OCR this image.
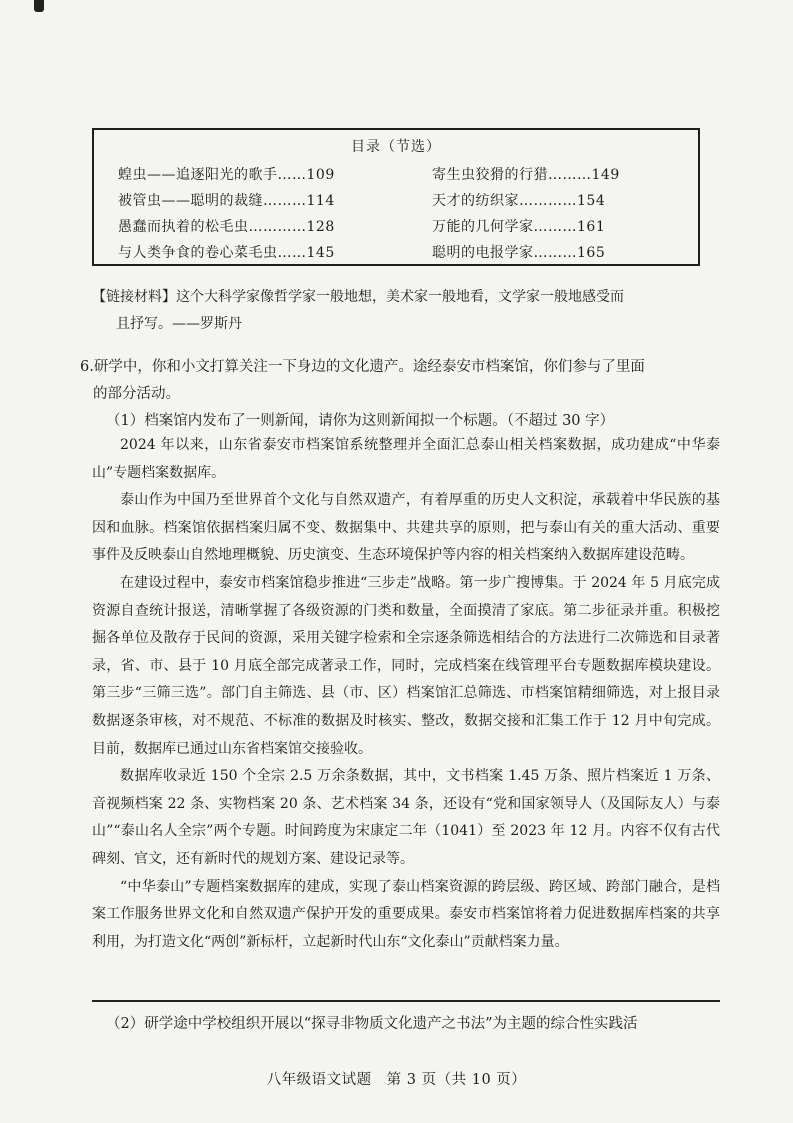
目录（节选）
蝗虫——追逐阳光的歌手……109
被管虫——聪明的裁缝………114
愚蠢而执着的松毛虫…………128
与人类争食的卷心菜毛虫……145
寄生虫狡猾的行猎………149
天才的纺织家…………154
万能的几何学家………161
聪明的电报学家………165
【链接材料】这个大科学家像哲学家一般地想，美术家一般地看，文学家一般地感受而
且抒写。——罗斯丹
6.研学中，你和小文打算关注一下身边的文化遗产。途经泰安市档案馆，你们参与了里面
的部分活动。
（1）档案馆内发布了一则新闻，请你为这则新闻拟一个标题。（不超过 30 字）

2024 年以来，山东省泰安市档案馆系统整理并全面汇总泰山相关档案数据，成功建成“中华泰山”专题档案数据库。

泰山作为中国乃至世界首个文化与自然双遗产，有着厚重的历史人文积淀，承载着中华民族的基因和血脉。档案馆依据档案归属不变、数据集中、共建共享的原则，把与泰山有关的重大活动、重要事件及反映泰山自然地理概貌、历史演变、生态环境保护等内容的相关档案纳入数据库建设范畴。

在建设过程中，泰安市档案馆稳步推进“三步走”战略。第一步广搜博集。于 2024 年 5 月底完成资源自查统计报送，清晰掌握了各级资源的门类和数量，全面摸清了家底。第二步征录并重。积极挖掘各单位及散存于民间的资源，采用关键字检索和全宗逐条筛选相结合的方法进行二次筛选和目录著录，省、市、县于 10 月底全部完成著录工作，同时，完成档案在线管理平台专题数据库模块建设。第三步“三筛三选”。部门自主筛选、县（市、区）档案馆汇总筛选、市档案馆精细筛选，对上报目录数据逐条审核，对不规范、不标准的数据及时核实、整改，数据交接和汇集工作于 12 月中旬完成。目前，数据库已通过山东省档案馆交接验收。

数据库收录近 150 个全宗 2.5 万余条数据，其中，文书档案 1.45 万条、照片档案近 1 万条、音视频档案 22 条、实物档案 20 条、艺术档案 34 条，还设有“党和国家领导人（及国际友人）与泰山”“泰山名人全宗”两个专题。时间跨度为宋康定二年（1041）至 2023 年 12 月。内容不仅有古代碑刻、官文，还有新时代的规划方案、建设记录等。

“中华泰山”专题档案数据库的建成，实现了泰山档案资源的跨层级、跨区域、跨部门融合，是档案工作服务世界文化和自然双遗产保护开发的重要成果。泰安市档案馆将着力促进数据库档案的共享利用，为打造文化“两创”新标杆，立起新时代山东“文化泰山”贡献档案力量。

（2）研学途中学校组织开展以“探寻非物质文化遗产之书法”为主题的综合性实践活
八年级语文试题　第 3 页（共 10 页）
